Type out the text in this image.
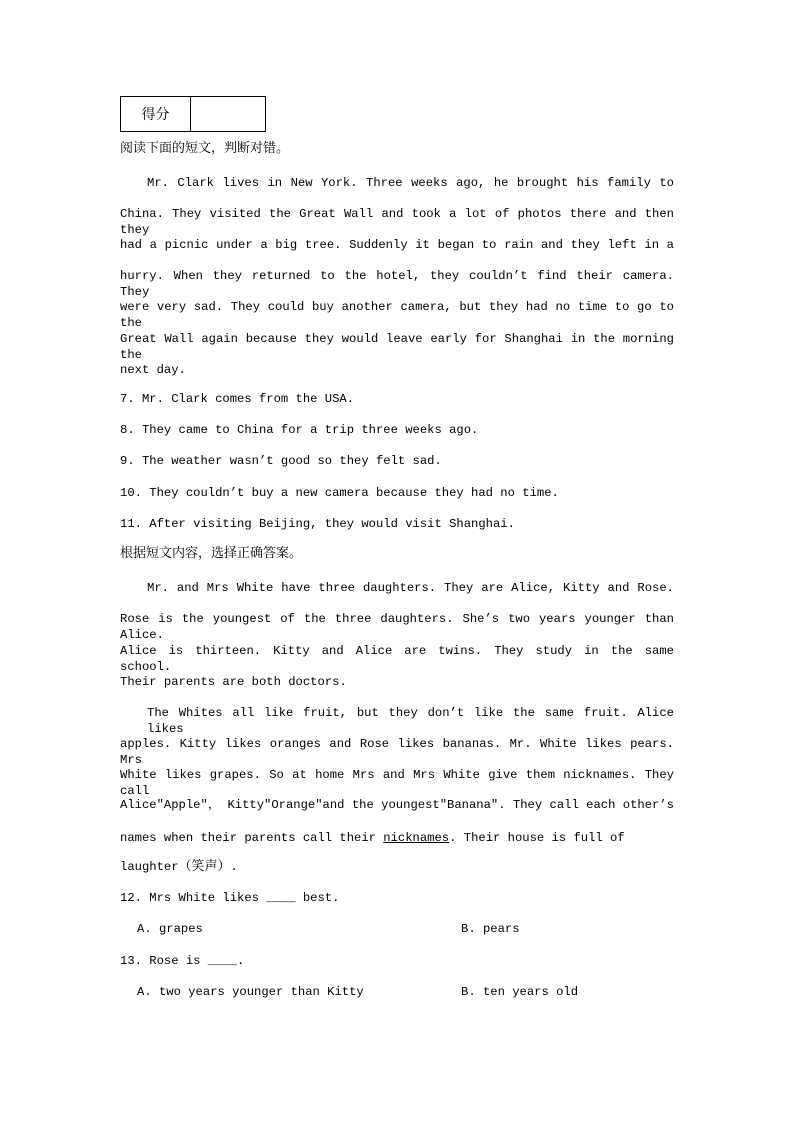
得分
阅读下面的短文，判断对错。
Mr. Clark lives in New York. Three weeks ago, he brought his family to
China. They visited the Great Wall and took a lot of photos there and then they
had a picnic under a big tree. Suddenly it began to rain and they left in a
hurry. When they returned to the hotel, they couldn’t find their camera. They
were very sad. They could buy another camera, but they had no time to go to the
Great Wall again because they would leave early for Shanghai in the morning the
next day.
7. Mr. Clark comes from the USA.
8. They came to China for a trip three weeks ago.
9. The weather wasn’t good so they felt sad.
10. They couldn’t buy a new camera because they had no time.
11. After visiting Beijing, they would visit Shanghai.
根据短文内容，选择正确答案。
Mr. and Mrs White have three daughters. They are Alice, Kitty and Rose.
Rose is the youngest of the three daughters. She’s two years younger than Alice.
Alice is thirteen. Kitty and Alice are twins. They study in the same school.
Their parents are both doctors.
The Whites all like fruit, but they don’t like the same fruit. Alice likes
apples. Kitty likes oranges and Rose likes bananas. Mr. White likes pears. Mrs
White likes grapes. So at home Mrs and Mrs White give them nicknames. They call
Alice″Apple″， Kitty″Orange″and the youngest″Banana″. They call each other’s
names when their parents call their nicknames. Their house is full of
laughter（笑声）.
12. Mrs White likes ____ best.
A. grapes	B. pears
13. Rose is ____.
A. two years younger than Kitty	B. ten years old
